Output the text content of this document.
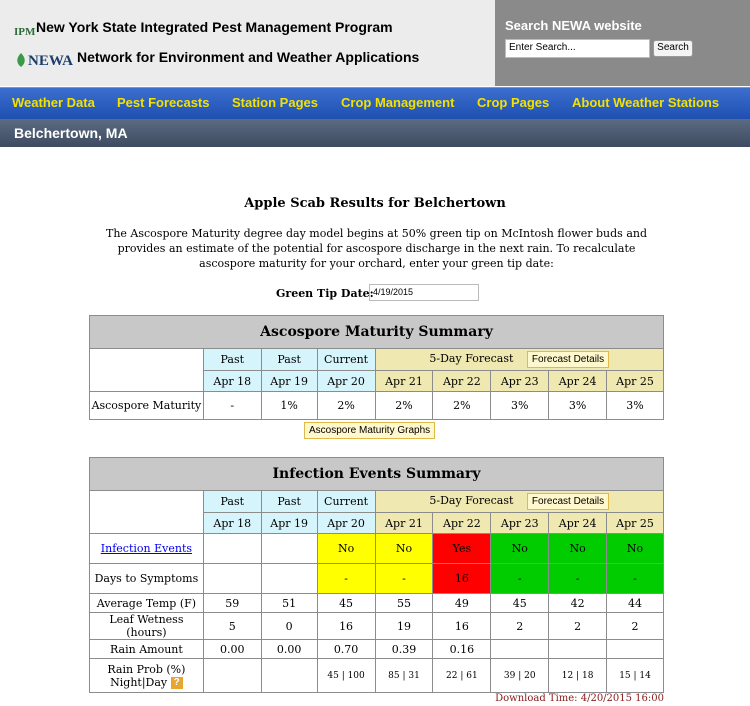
IPMNew York State Integrated Pest Management Program
NEWA Network for Environment and Weather Applications
Search NEWA website
Enter Search...	Search
Weather Data Pest Forecasts Station Pages Crop Management Crop Pages About Weather Stations
Belchertown, MA
Apple Scab Results for Belchertown
The Ascospore Maturity degree day model begins at 50% green tip on McIntosh flower buds and provides an estimate of the potential for ascospore discharge in the next rain. To recalculate ascospore maturity for your orchard, enter your green tip date:
Green Tip Date: 4/19/2015
Ascospore Maturity Summary								
	Past	Past	Current	5-Day Forecast Forecast Details				
	Apr 18	Apr 19	Apr 20	Apr 21	Apr 22	Apr 23	Apr 24	Apr 25
Ascospore Maturity	-	1%	2%	2%	2%	3%	3%	3%
Ascospore Maturity Graphs
Infection Events Summary								
	Past	Past	Current	5-Day Forecast Forecast Details				
	Apr 18	Apr 19	Apr 20	Apr 21	Apr 22	Apr 23	Apr 24	Apr 25
Infection Events			No	No	Yes	No	No	No
Days to Symptoms			-	-	16	-	-	-
Average Temp (F)	59	51	45	55	49	45	42	44
Leaf Wetness (hours)	5	0	16	19	16	2	2	2
Rain Amount	0.00	0.00	0.70	0.39	0.16			

Rain Prob (%)
Night|Day ?			45 | 100	85 | 31	22 | 61	39 | 20	12 | 18	15 | 14
Download Time: 4/20/2015 16:00
